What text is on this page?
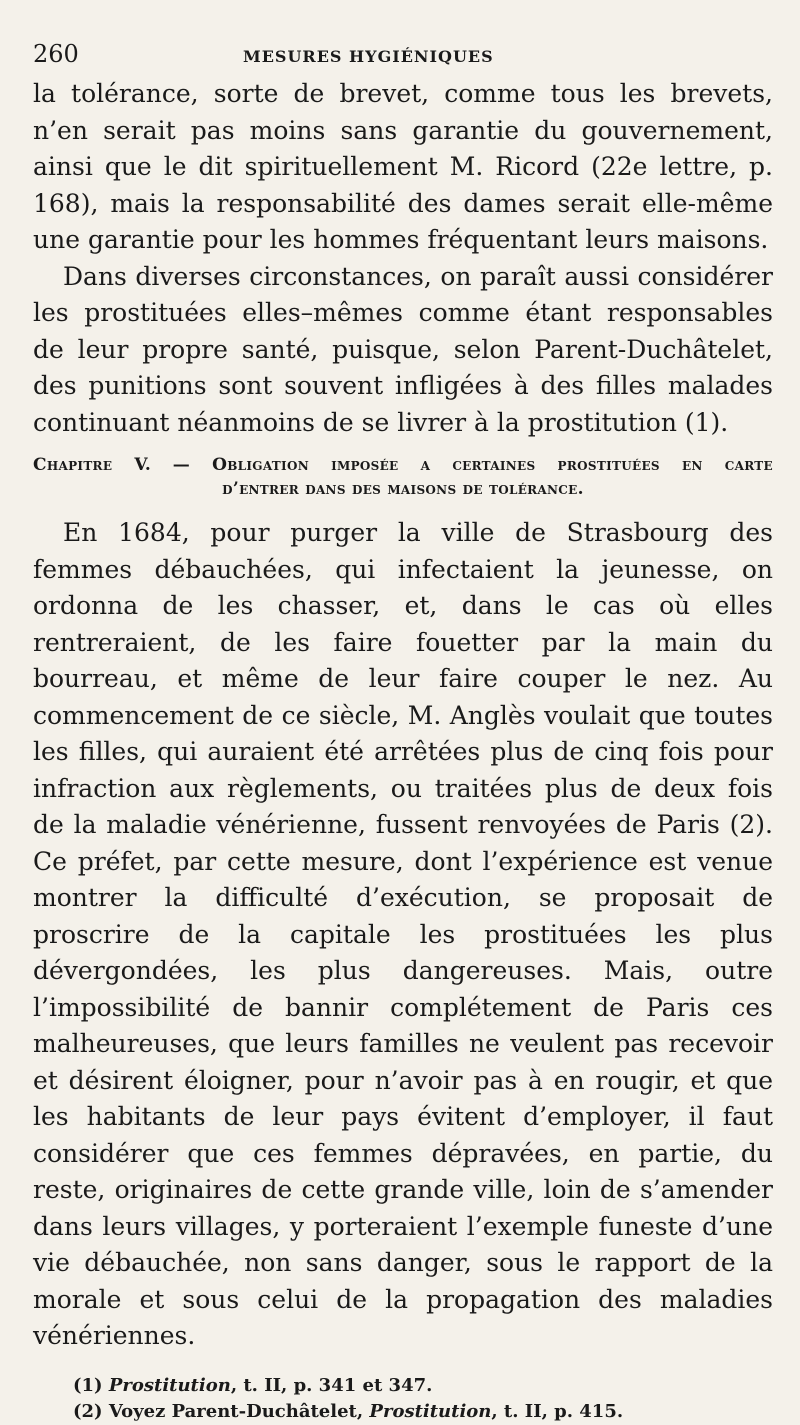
260	MESURES HYGIÉNIQUES

la tolérance, sorte de brevet, comme tous les brevets, n’en serait pas moins sans garantie du gouvernement, ainsi que le dit spirituellement M. Ricord (22e lettre, p. 168), mais la responsabilité des dames serait elle-même une garantie pour les hommes fréquentant leurs maisons.

Dans diverses circonstances, on paraît aussi considérer les prostituées elles–mêmes comme étant responsables de leur propre santé, puisque, selon Parent-Duchâtelet, des punitions sont souvent infligées à des filles malades continuant néanmoins de se livrer à la prostitution (1).

Chapitre V. — Obligation imposée a certaines prostituées en carte
d’entrer dans des maisons de tolérance.

En 1684, pour purger la ville de Strasbourg des femmes débauchées, qui infectaient la jeunesse, on ordonna de les chasser, et, dans le cas où elles rentreraient, de les faire fouetter par la main du bourreau, et même de leur faire couper le nez. Au commencement de ce siècle, M. Anglès voulait que toutes les filles, qui auraient été arrêtées plus de cinq fois pour infraction aux règlements, ou traitées plus de deux fois de la maladie vénérienne, fussent renvoyées de Paris (2). Ce préfet, par cette mesure, dont l’expérience est venue montrer la difficulté d’exécution, se proposait de proscrire de la capitale les prostituées les plus dévergondées, les plus dangereuses. Mais, outre l’impossibilité de bannir complétement de Paris ces malheureuses, que leurs familles ne veulent pas recevoir et désirent éloigner, pour n’avoir pas à en rougir, et que les habitants de leur pays évitent d’employer, il faut considérer que ces femmes dépravées, en partie, du reste, originaires de cette grande ville, loin de s’amender dans leurs villages, y porteraient l’exemple funeste d’une vie débauchée, non sans danger, sous le rapport de la morale et sous celui de la propagation des maladies vénériennes.

(1) Prostitution, t. II, p. 341 et 347.
(2) Voyez Parent-Duchâtelet, Prostitution, t. II, p. 415.
